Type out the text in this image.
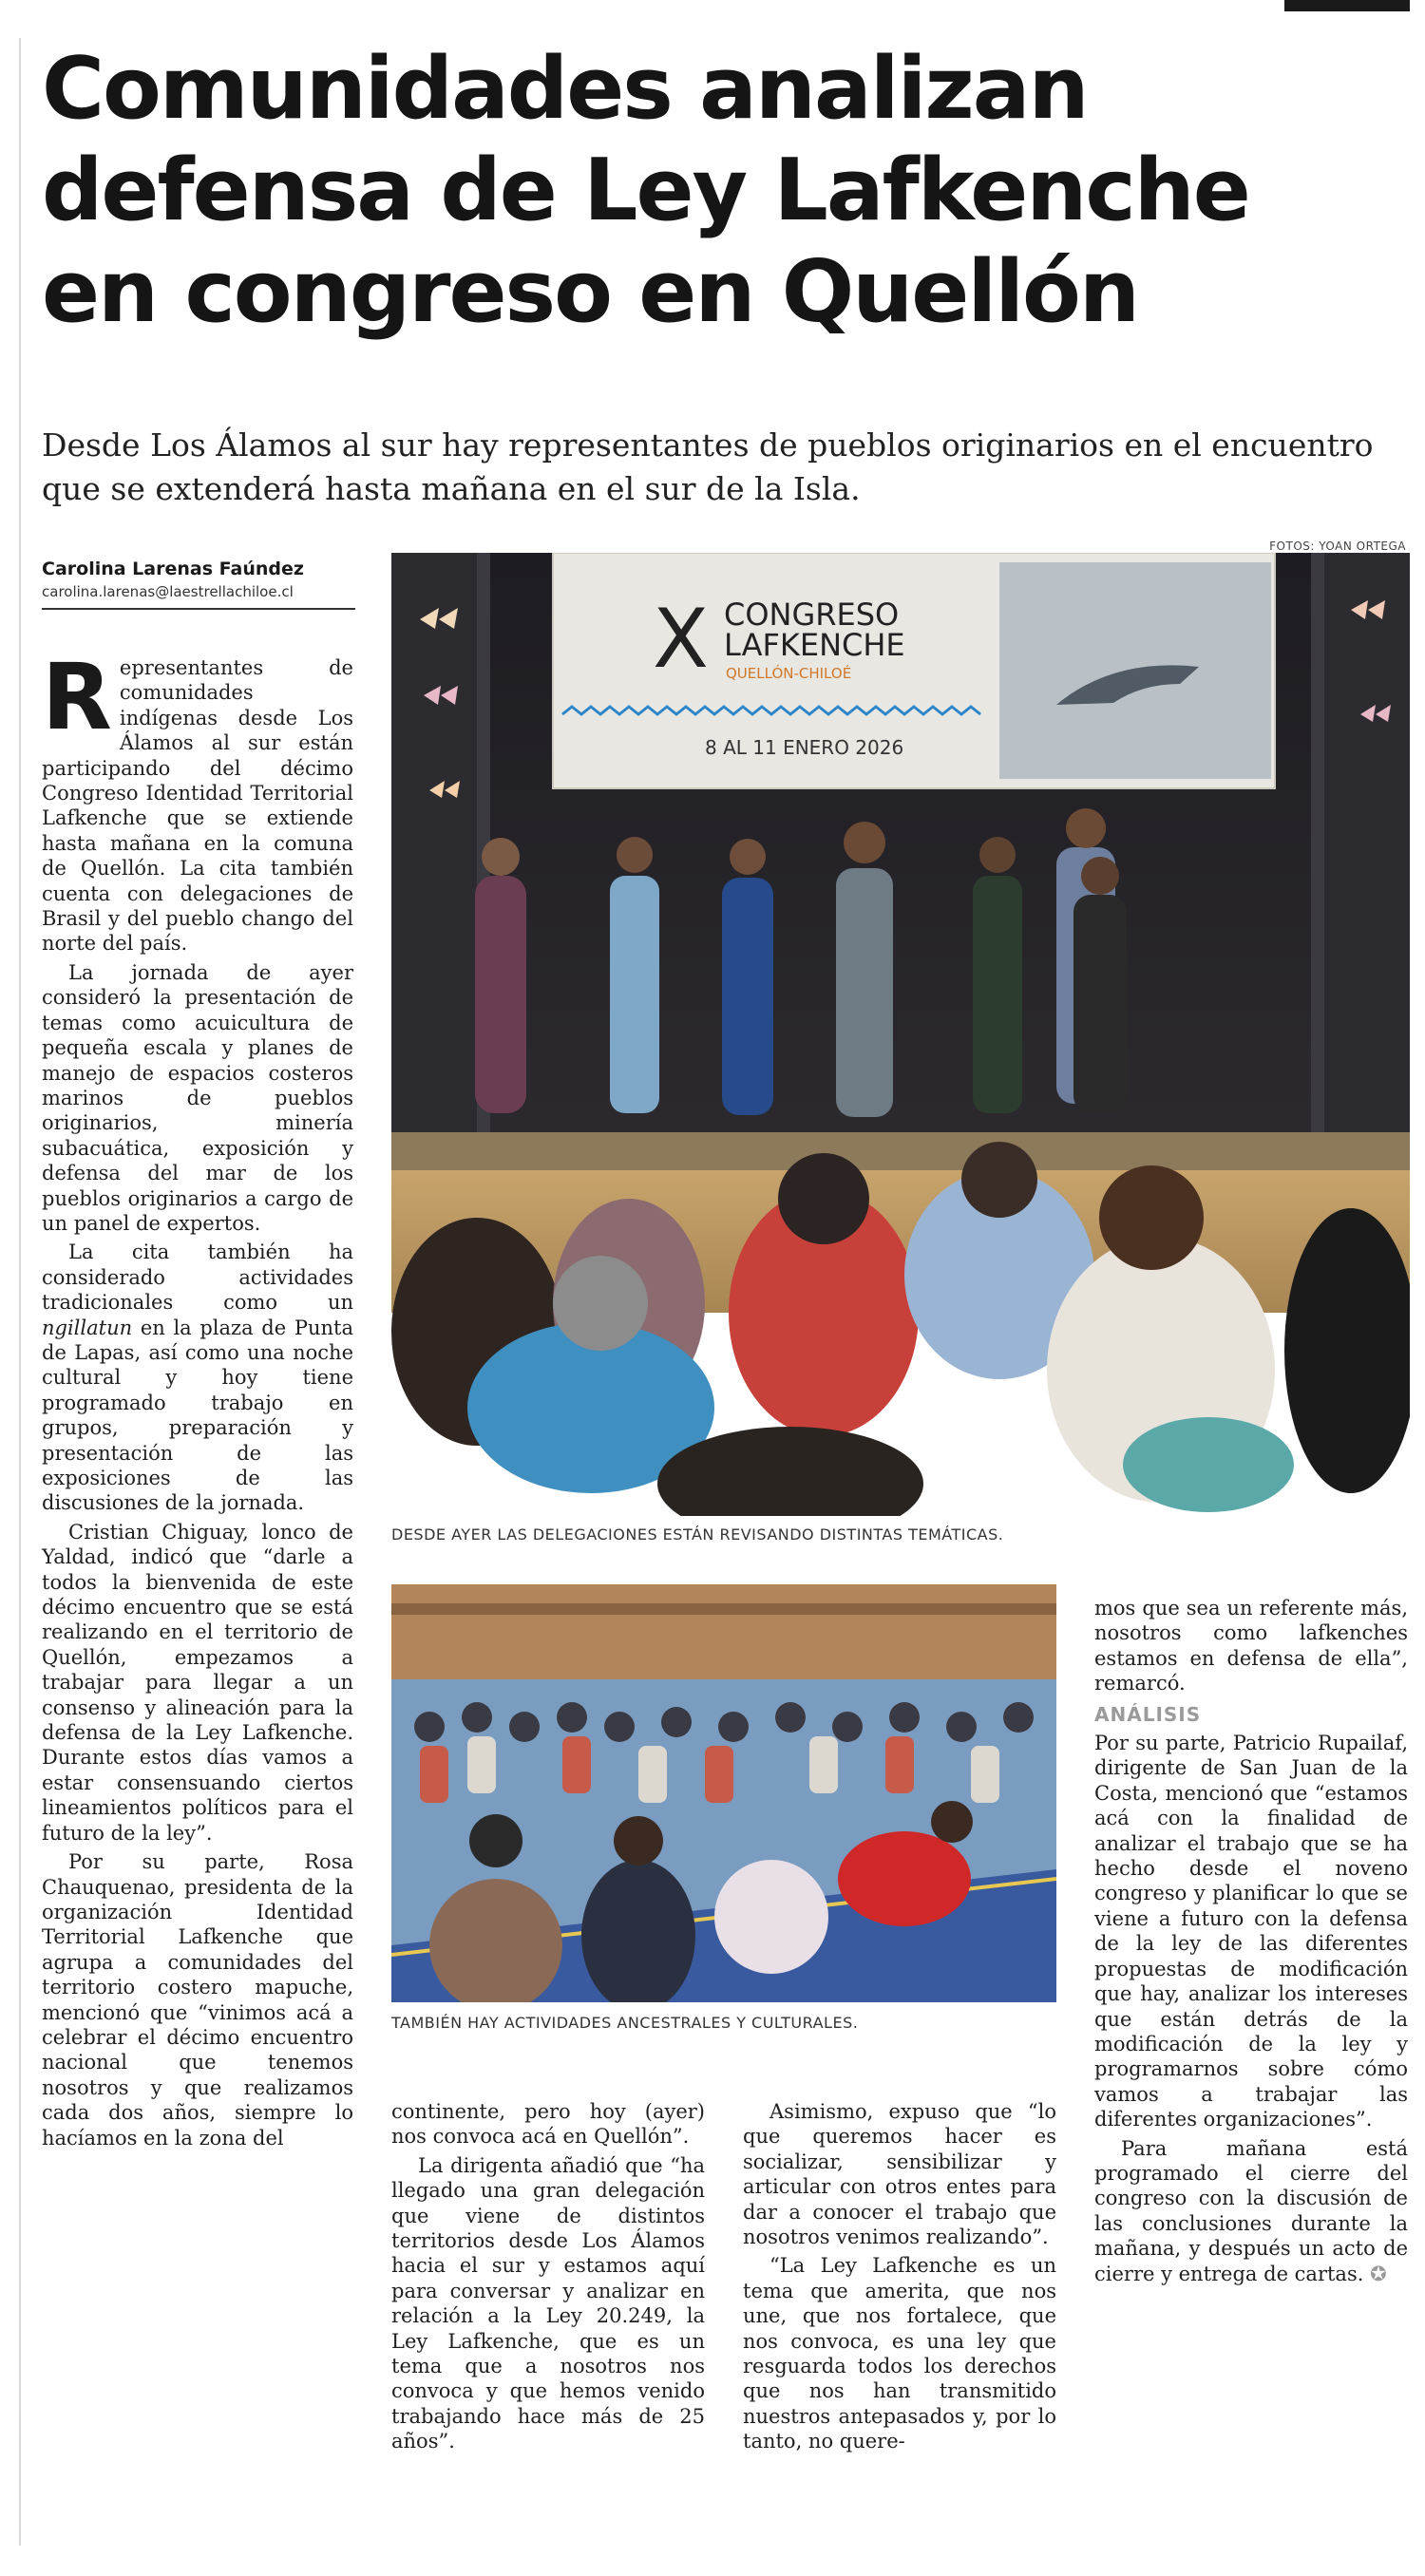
Comunidades analizan
defensa de Ley Lafkenche
en congreso en Quellón

Desde Los Álamos al sur hay representantes de pueblos originarios en el encuentro que se extenderá hasta mañana en el sur de la Isla.

Carolina Larenas Faúndez
carolina.larenas@laestrellachiloe.cl
FOTOS: YOAN ORTEGA
X CONGRESO
LAFKENCHE
QUELLÓN-CHILOÉ
8 AL 11 ENERO 2026
DESDE AYER LAS DELEGACIONES ESTÁN REVISANDO DISTINTAS TEMÁTICAS.
TAMBIÉN HAY ACTIVIDADES ANCESTRALES Y CULTURALES.

Representantes de comunidades indígenas desde Los Álamos al sur están participando del décimo Congreso Identidad Territorial Lafkenche que se extiende hasta mañana en la comuna de Quellón. La cita también cuenta con delegaciones de Brasil y del pueblo chango del norte del país.

La jornada de ayer consideró la presentación de temas como acuicultura de pequeña escala y planes de manejo de espacios costeros marinos de pueblos originarios, minería subacuática, exposición y defensa del mar de los pueblos originarios a cargo de un panel de expertos.

La cita también ha considerado actividades tradicionales como un ngillatun en la plaza de Punta de Lapas, así como una noche cultural y hoy tiene programado trabajo en grupos, preparación y presentación de las exposiciones de las discusiones de la jornada.

Cristian Chiguay, lonco de Yaldad, indicó que “darle a todos la bienvenida de este décimo encuentro que se está realizando en el territorio de Quellón, empezamos a trabajar para llegar a un consenso y alineación para la defensa de la Ley Lafkenche. Durante estos días vamos a estar consensuando ciertos lineamientos políticos para el futuro de la ley”.

Por su parte, Rosa Chauquenao, presidenta de la organización Identidad Territorial Lafkenche que agrupa a comunidades del territorio costero mapuche, mencionó que “vinimos acá a celebrar el décimo encuentro nacional que tenemos nosotros y que realizamos cada dos años, siempre lo hacíamos en la zona del

continente, pero hoy (ayer) nos convoca acá en Quellón”.

La dirigenta añadió que “ha llegado una gran delegación que viene de distintos territorios desde Los Álamos hacia el sur y estamos aquí para conversar y analizar en relación a la Ley 20.249, la Ley Lafkenche, que es un tema que a nosotros nos convoca y que hemos venido trabajando hace más de 25 años”.

Asimismo, expuso que “lo que queremos hacer es socializar, sensibilizar y articular con otros entes para dar a conocer el trabajo que nosotros venimos realizando”.

“La Ley Lafkenche es un tema que amerita, que nos une, que nos fortalece, que nos convoca, es una ley que resguarda todos los derechos que nos han transmitido nuestros antepasados y, por lo tanto, no quere-

mos que sea un referente más, nosotros como lafkenches estamos en defensa de ella”, remarcó.

ANÁLISIS

Por su parte, Patricio Rupailaf, dirigente de San Juan de la Costa, mencionó que “estamos acá con la finalidad de analizar el trabajo que se ha hecho desde el noveno congreso y planificar lo que se viene a futuro con la defensa de la ley de las diferentes propuestas de modificación que hay, analizar los intereses que están detrás de la modificación de la ley y programarnos sobre cómo vamos a trabajar las diferentes organizaciones”.

Para mañana está programado el cierre del congreso con la discusión de las conclusiones durante la mañana, y después un acto de cierre y entrega de cartas. ✪
